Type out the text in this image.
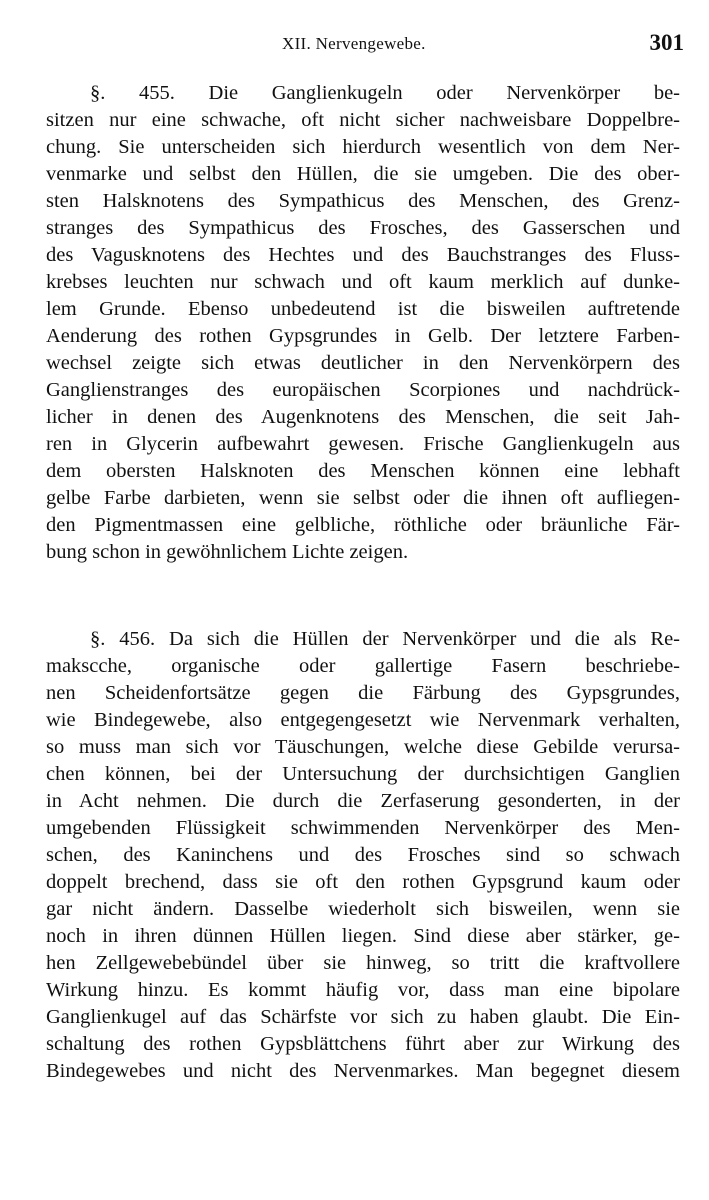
XII. Nervengewebe.	301
§. 455. Die Ganglienkugeln oder Nervenkörper be-
sitzen nur eine schwache, oft nicht sicher nachweisbare Doppelbre-
chung. Sie unterscheiden sich hierdurch wesentlich von dem Ner-
venmarke und selbst den Hüllen, die sie umgeben. Die des ober-
sten Halsknotens des Sympathicus des Menschen, des Grenz-
stranges des Sympathicus des Frosches, des Gasserschen und
des Vagusknotens des Hechtes und des Bauchstranges des Fluss-
krebses leuchten nur schwach und oft kaum merklich auf dunke-
lem Grunde. Ebenso unbedeutend ist die bisweilen auftretende
Aenderung des rothen Gypsgrundes in Gelb. Der letztere Farben-
wechsel zeigte sich etwas deutlicher in den Nervenkörpern des
Ganglienstranges des europäischen Scorpiones und nachdrück-
licher in denen des Augenknotens des Menschen, die seit Jah-
ren in Glycerin aufbewahrt gewesen. Frische Ganglienkugeln aus
dem obersten Halsknoten des Menschen können eine lebhaft
gelbe Farbe darbieten, wenn sie selbst oder die ihnen oft aufliegen-
den Pigmentmassen eine gelbliche, röthliche oder bräunliche Fär-
bung schon in gewöhnlichem Lichte zeigen.
§. 456. Da sich die Hüllen der Nervenkörper und die als Re-
makscche, organische oder gallertige Fasern beschriebe-
nen Scheidenfortsätze gegen die Färbung des Gypsgrundes,
wie Bindegewebe, also entgegengesetzt wie Nervenmark verhalten,
so muss man sich vor Täuschungen, welche diese Gebilde verursa-
chen können, bei der Untersuchung der durchsichtigen Ganglien
in Acht nehmen. Die durch die Zerfaserung gesonderten, in der
umgebenden Flüssigkeit schwimmenden Nervenkörper des Men-
schen, des Kaninchens und des Frosches sind so schwach
doppelt brechend, dass sie oft den rothen Gypsgrund kaum oder
gar nicht ändern. Dasselbe wiederholt sich bisweilen, wenn sie
noch in ihren dünnen Hüllen liegen. Sind diese aber stärker, ge-
hen Zellgewebebündel über sie hinweg, so tritt die kraftvollere
Wirkung hinzu. Es kommt häufig vor, dass man eine bipolare
Ganglienkugel auf das Schärfste vor sich zu haben glaubt. Die Ein-
schaltung des rothen Gypsblättchens führt aber zur Wirkung des
Bindegewebes und nicht des Nervenmarkes. Man begegnet diesem
